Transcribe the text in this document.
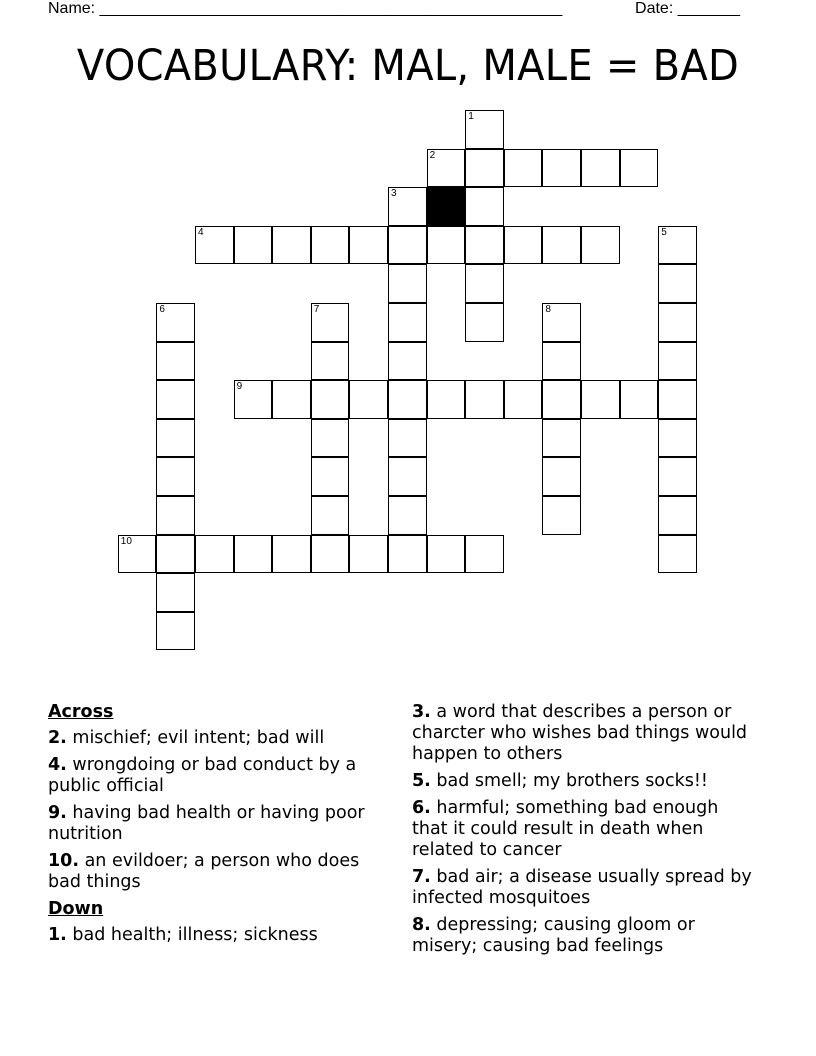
Name: ____________________________________________________	Date: _______
VOCABULARY: MAL, MALE = BAD
1
2
3
4	5
6	7	8
9
10
Across
2. mischief; evil intent; bad will
4. wrongdoing or bad conduct by a public official
9. having bad health or having poor nutrition
10. an evildoer; a person who does bad things
Down
1. bad health; illness; sickness
3. a word that describes a person or charcter who wishes bad things would happen to others
5. bad smell; my brothers socks!!
6. harmful; something bad enough that it could result in death when related to cancer
7. bad air; a disease usually spread by infected mosquitoes
8. depressing; causing gloom or misery; causing bad feelings
